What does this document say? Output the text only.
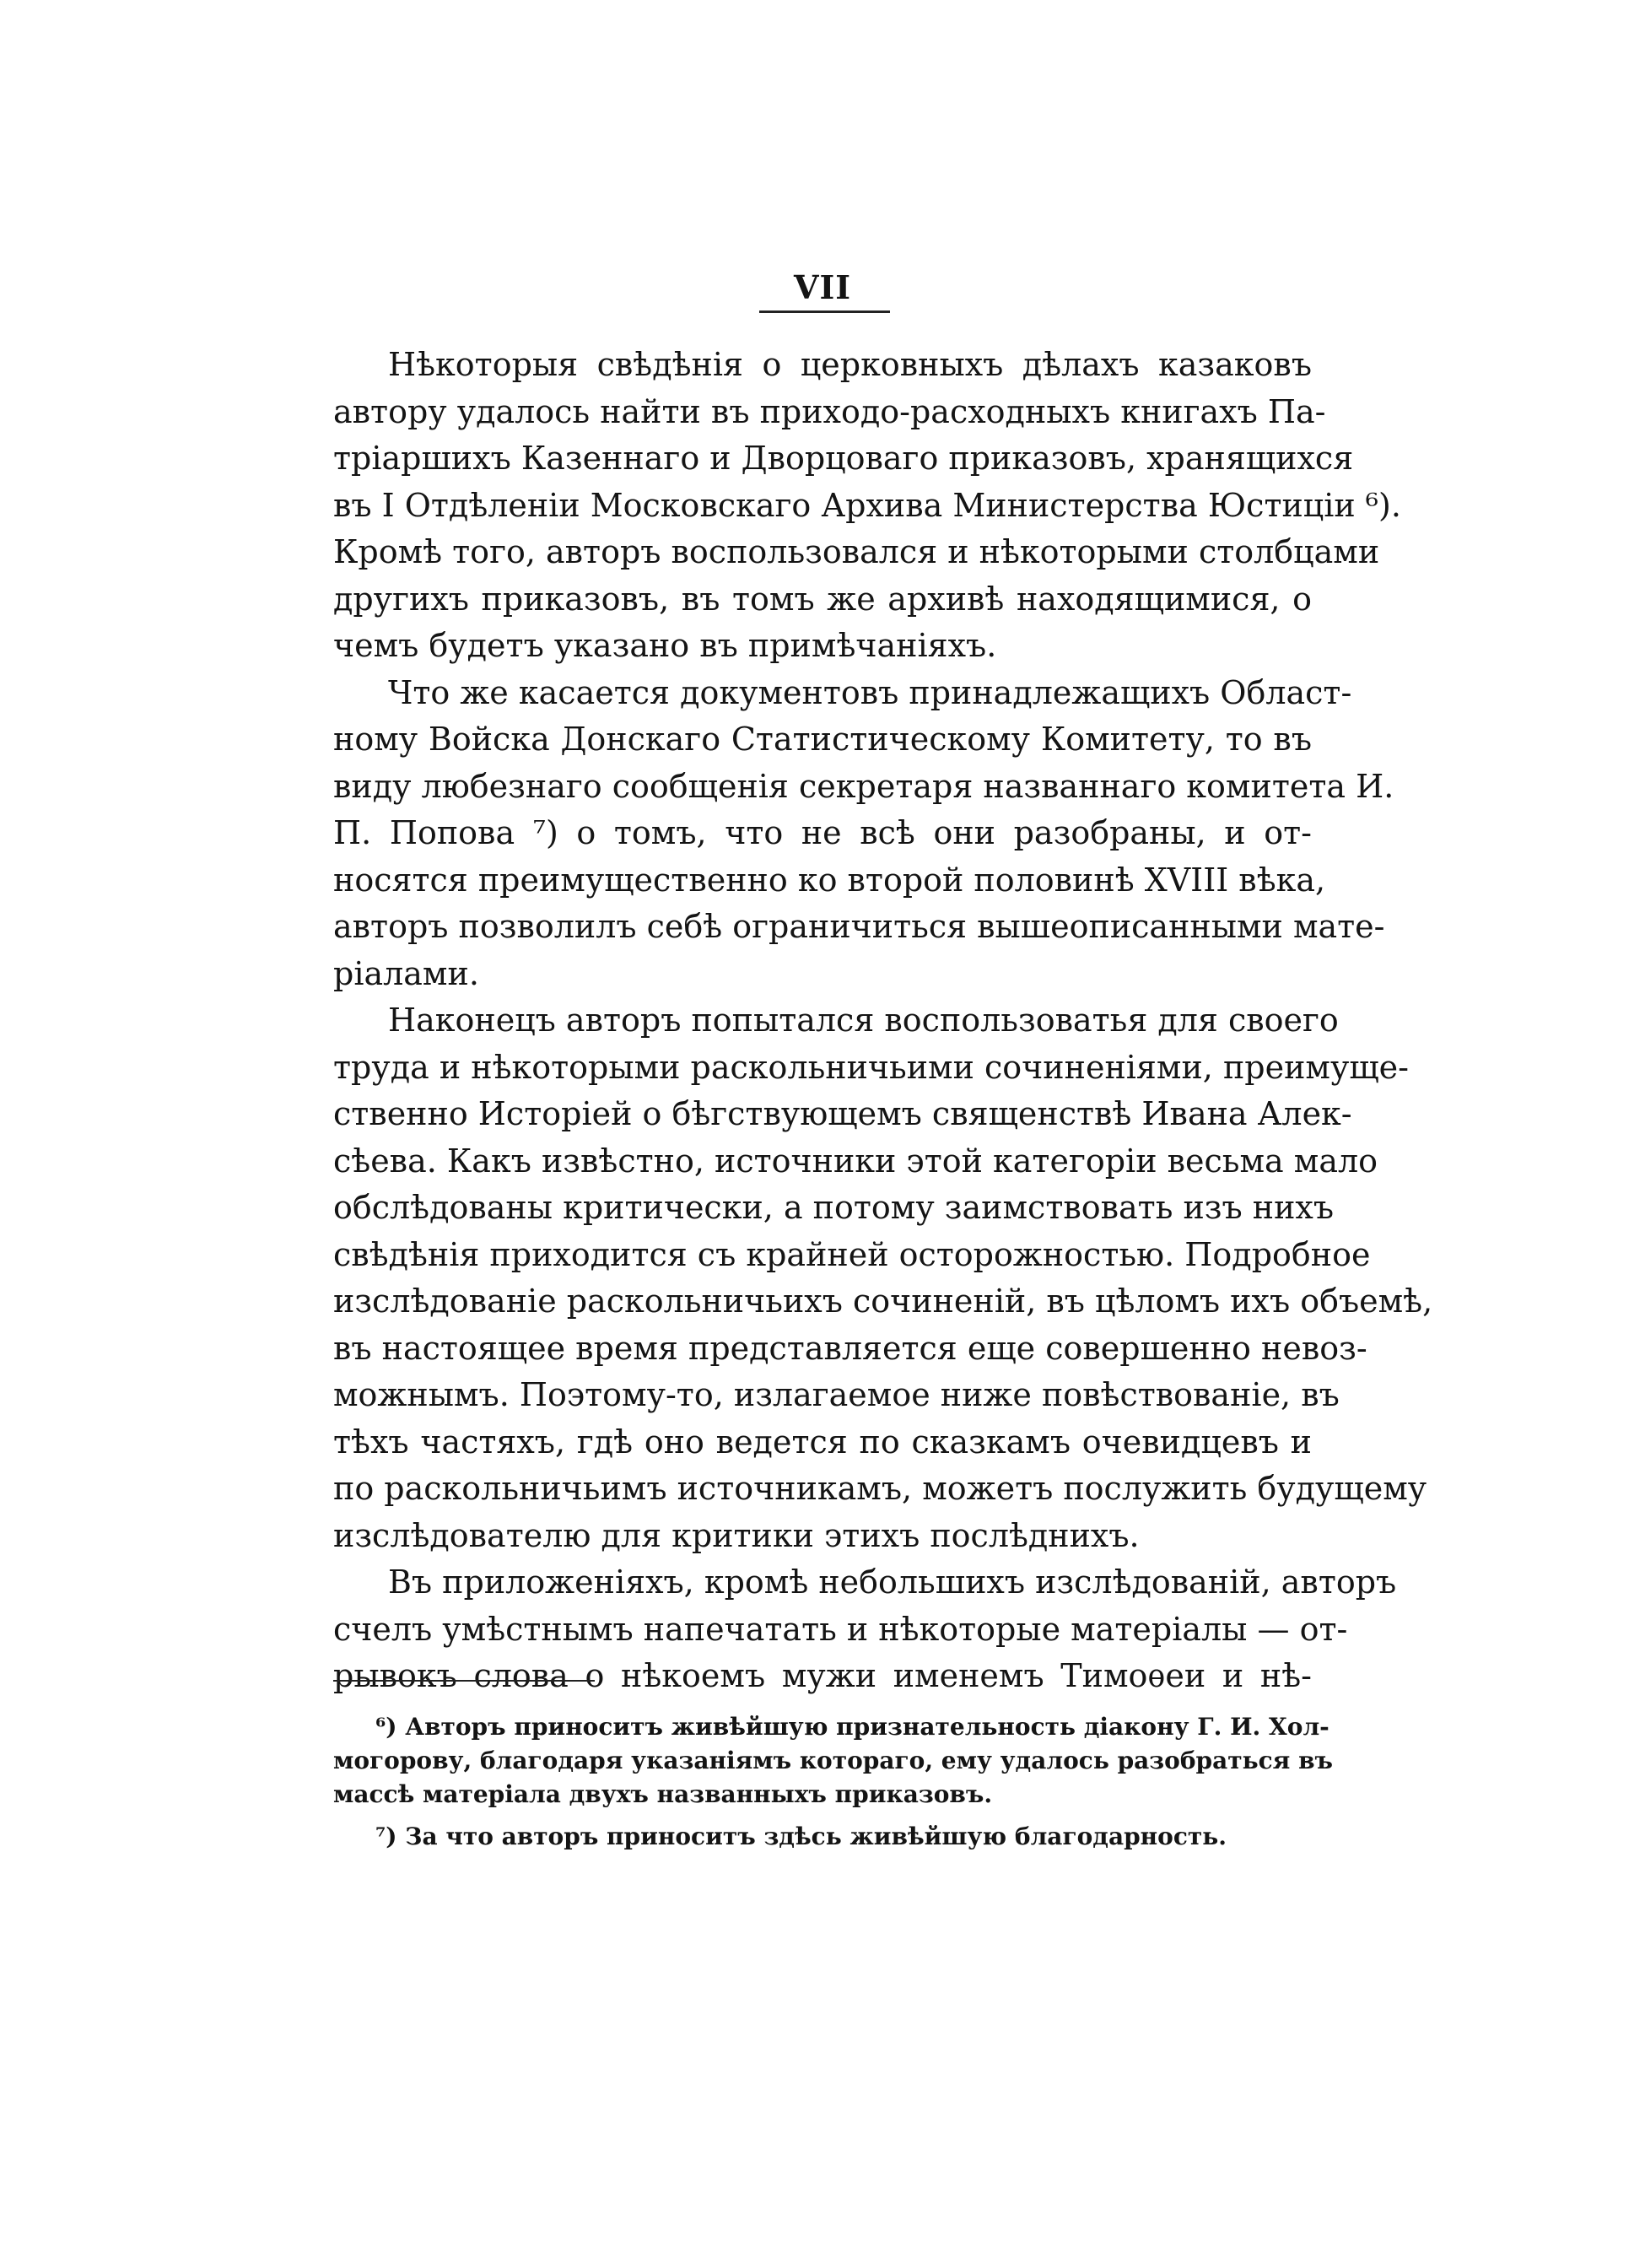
VII
Нѣкоторыя свѣдѣнія о церковныхъ дѣлахъ казаковъ
автору удалось найти въ приходо-расходныхъ книгахъ Па-
тріаршихъ Казеннаго и Дворцоваго приказовъ, хранящихся
въ I Отдѣленіи Московскаго Архива Министерства Юстиціи ⁶).
Кромѣ того, авторъ воспользовался и нѣкоторыми столбцами
другихъ приказовъ, въ томъ же архивѣ находящимися, о
чемъ будетъ указано въ примѣчаніяхъ.
Что же касается документовъ принадлежащихъ Област-
ному Войска Донскаго Статистическому Комитету, то въ
виду любезнаго сообщенія секретаря названнаго комитета И.
П. Попова ⁷) о томъ, что не всѣ они разобраны, и от-
носятся преимущественно ко второй половинѣ XVIII вѣка,
авторъ позволилъ себѣ ограничиться вышеописанными мате-
ріалами.
Наконецъ авторъ попытался воспользоватья для своего
труда и нѣкоторыми раскольничьими сочиненіями, преимуще-
ственно Исторіей о бѣгствующемъ священствѣ Ивана Алек-
сѣева. Какъ извѣстно, источники этой категоріи весьма мало
обслѣдованы критически, а потому заимствовать изъ нихъ
свѣдѣнія приходится съ крайней осторожностью. Подробное
изслѣдованіе раскольничьихъ сочиненій, въ цѣломъ ихъ объемѣ,
въ настоящее время представляется еще совершенно невоз-
можнымъ. Поэтому-то, излагаемое ниже повѣствованіе, въ
тѣхъ частяхъ, гдѣ оно ведется по сказкамъ очевидцевъ и
по раскольничьимъ источникамъ, можетъ послужить будущему
изслѣдователю для критики этихъ послѣднихъ.
Въ приложеніяхъ, кромѣ небольшихъ изслѣдованій, авторъ
счелъ умѣстнымъ напечатать и нѣкоторые матеріалы — от-
рывокъ слова о нѣкоемъ мужи именемъ Тимоѳеи и нѣ-
⁶) Авторъ приноситъ живѣйшую признательность діакону Г. И. Хол-
могорову, благодаря указаніямъ котораго, ему удалось разобраться въ
массѣ матеріала двухъ названныхъ приказовъ.
⁷) За что авторъ приноситъ здѣсь живѣйшую благодарность.
